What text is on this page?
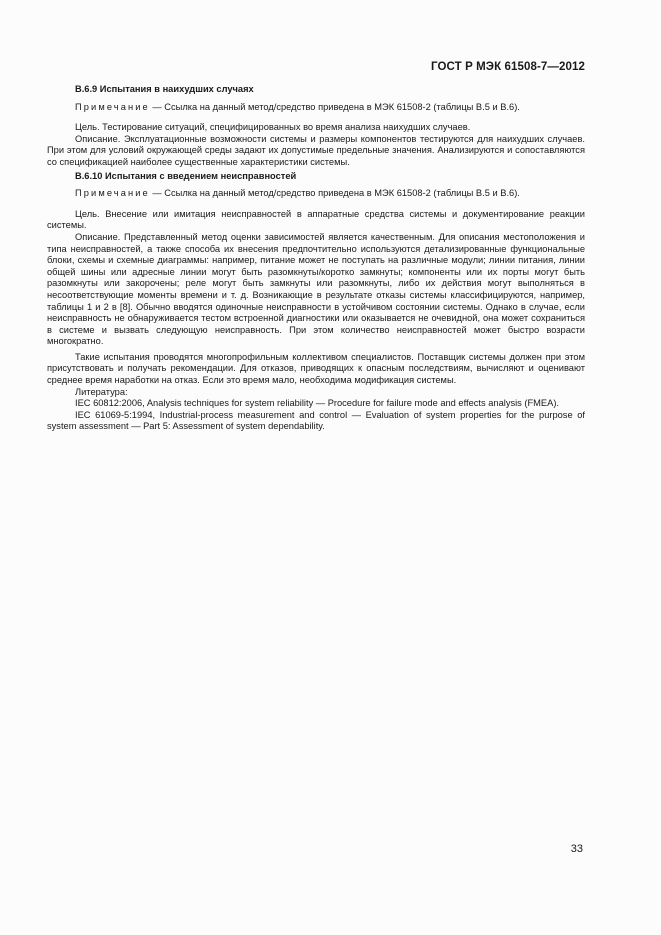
ГОСТ Р МЭК 61508-7—2012

B.6.9 Испытания в наихудших случаях

Примечание — Ссылка на данный метод/средство приведена в МЭК 61508-2 (таблицы B.5 и B.6).

Цель. Тестирование ситуаций, специфицированных во время анализа наихудших случаев.

Описание. Эксплуатационные возможности системы и размеры компонентов тестируются для наихудших случаев. При этом для условий окружающей среды задают их допустимые предельные значения. Анализируются и сопоставляются со спецификацией наиболее существенные характеристики системы.

B.6.10 Испытания с введением неисправностей

Примечание — Ссылка на данный метод/средство приведена в МЭК 61508-2 (таблицы B.5 и B.6).

Цель. Внесение или имитация неисправностей в аппаратные средства системы и документирование реакции системы.

Описание. Представленный метод оценки зависимостей является качественным. Для описания местоположения и типа неисправностей, а также способа их внесения предпочтительно используются детализированные функциональные блоки, схемы и схемные диаграммы: например, питание может не поступать на различные модули; линии питания, линии общей шины или адресные линии могут быть разомкнуты/коротко замкнуты; компоненты или их порты могут быть разомкнуты или закорочены; реле могут быть замкнуты или разомкнуты, либо их действия могут выполняться в несоответствующие моменты времени и т. д. Возникающие в результате отказы системы классифицируются, например, таблицы 1 и 2 в [8]. Обычно вводятся одиночные неисправности в устойчивом состоянии системы. Однако в случае, если неисправность не обнаруживается тестом встроенной диагностики или оказывается не очевидной, она может сохраниться в системе и вызвать следующую неисправность. При этом количество неисправностей может быстро возрасти многократно.

Такие испытания проводятся многопрофильным коллективом специалистов. Поставщик системы должен при этом присутствовать и получать рекомендации. Для отказов, приводящих к опасным последствиям, вычисляют и оценивают среднее время наработки на отказ. Если это время мало, необходима модификация системы.

Литература:

IEC 60812:2006, Analysis techniques for system reliability — Procedure for failure mode and effects analysis (FMEA).

IEC 61069-5:1994, Industrial-process measurement and control — Evaluation of system properties for the purpose of system assessment — Part 5: Assessment of system dependability.

33
